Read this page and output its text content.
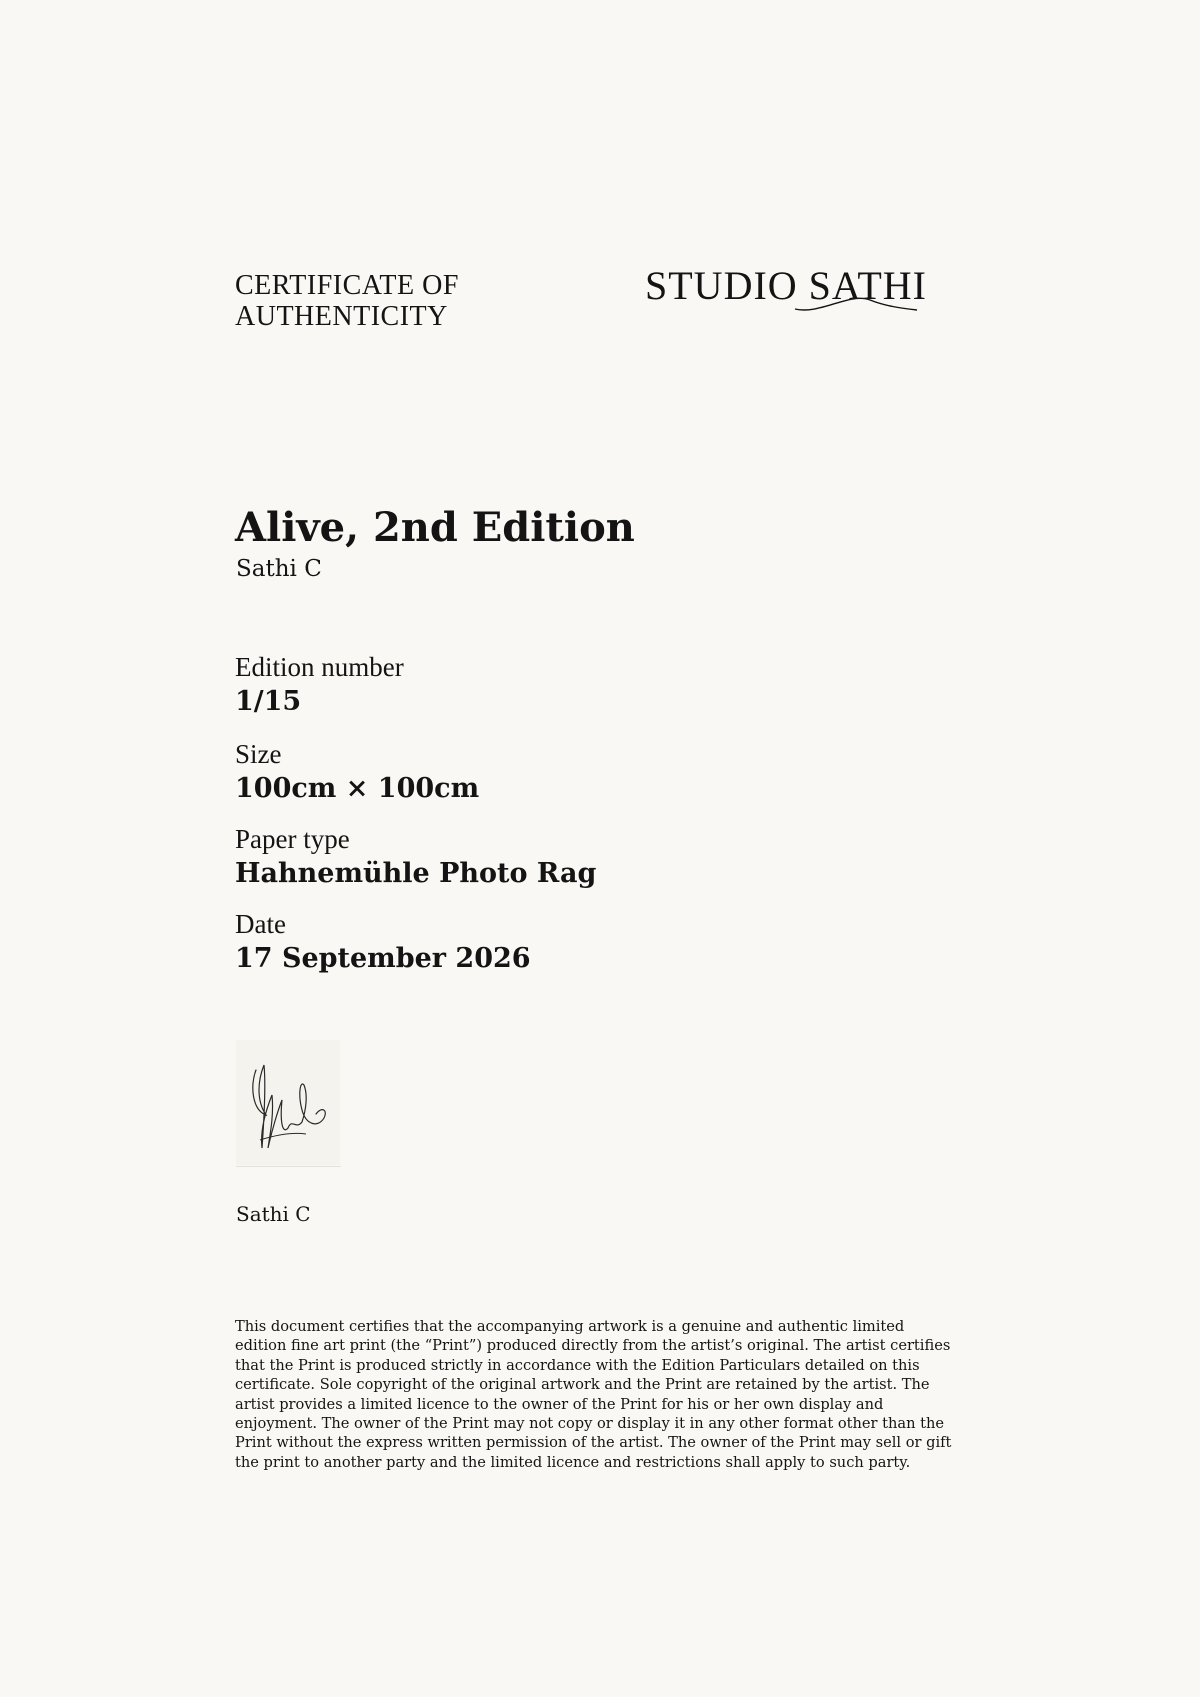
CERTIFICATE OF
AUTHENTICITY
STUDIO SATHI
Alive, 2nd Edition
Sathi C
Edition number
1/15
Size
100cm × 100cm
Paper type
Hahnemühle Photo Rag
Date
17 September 2026
Sathi C

This document certifies that the accompanying artwork is a genuine and authentic limited edition fine art print (the “Print”) produced directly from the artist’s original. The artist certifies that the Print is produced strictly in accordance with the Edition Particulars detailed on this certificate. Sole copyright of the original artwork and the Print are retained by the artist. The artist provides a limited licence to the owner of the Print for his or her own display and enjoyment. The owner of the Print may not copy or display it in any other format other than the Print without the express written permission of the artist. The owner of the Print may sell or gift the print to another party and the limited licence and restrictions shall apply to such party.
